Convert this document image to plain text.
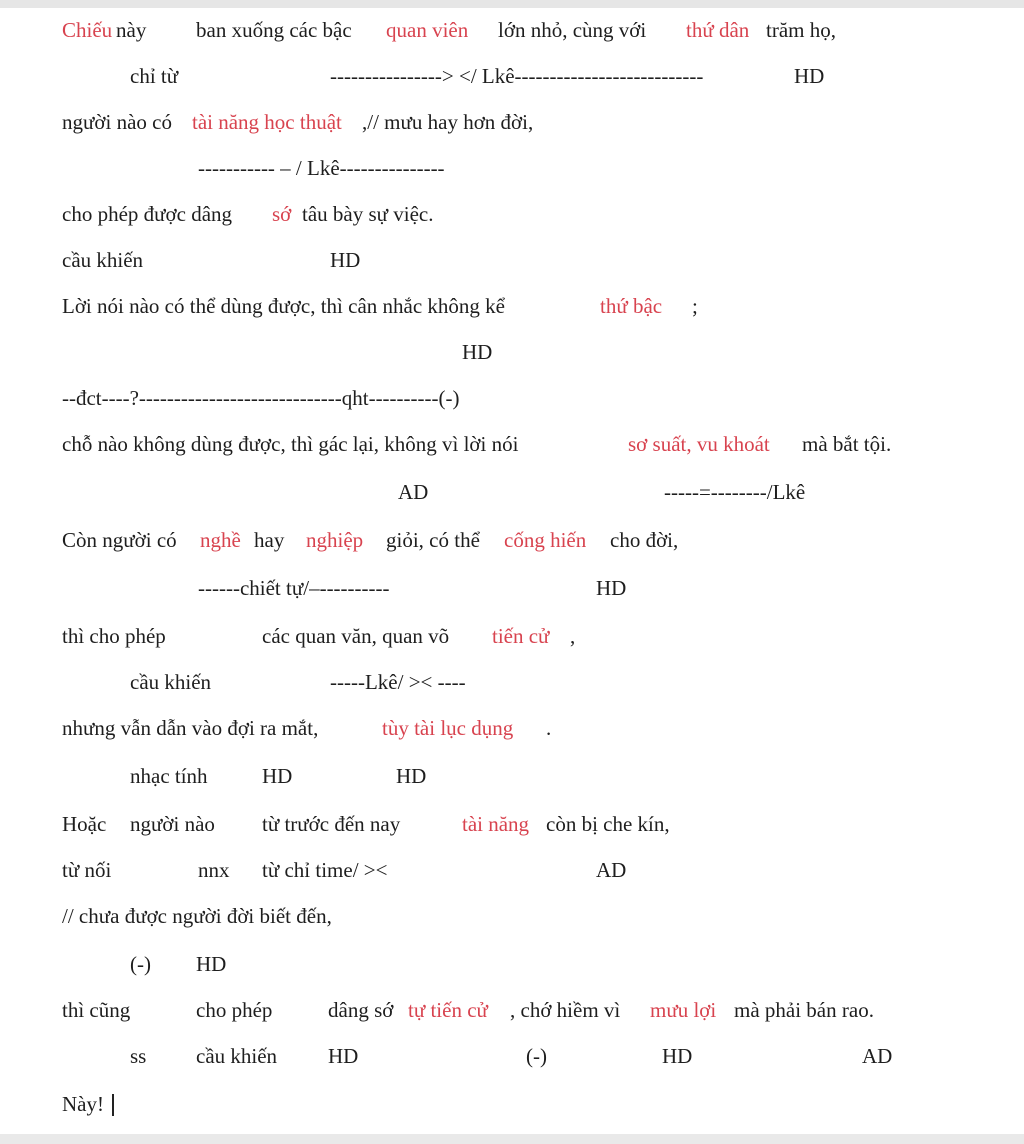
Chiếu này ban xuống các bậc quan viên lớn nhỏ, cùng với thứ dân trăm họ,
chỉ từ	----------------> </ Lkê---------------------------	HD
người nào có tài năng học thuật ,// mưu hay hơn đời,
----------- – / Lkê---------------
cho phép được dâng sớ tâu bày sự việc.
cầu khiến	HD
Lời nói nào có thể dùng được, thì cân nhắc không kể	thứ bậc ;
HD
--đct----?-----------------------------qht----------(-)
chỗ nào không dùng được, thì gác lại, không vì lời nói	sơ suất, vu khoát mà bắt tội.
AD	-----=--------/Lkê
Còn người có nghề hay nghiệp giỏi, có thể cống hiến cho đời,
------chiết tự/–----------	HD
thì cho phép	các quan văn, quan võ tiến cử ,
cầu khiến	-----Lkê/ >< ----
nhưng vẫn dẫn vào đợi ra mắt,	tùy tài lục dụng .
nhạc tính	HD	HD
Hoặc người nào từ trước đến nay	tài năng còn bị che kín,
từ nối	nnx từ chỉ time/ ><	AD
// chưa được người đời biết đến,
(-) HD
thì cũng	cho phép	dâng sớ tự tiến cử , chớ hiềm vì mưu lợi mà phải bán rao.
ss cầu khiến HD	(-)	HD	AD
Này!
